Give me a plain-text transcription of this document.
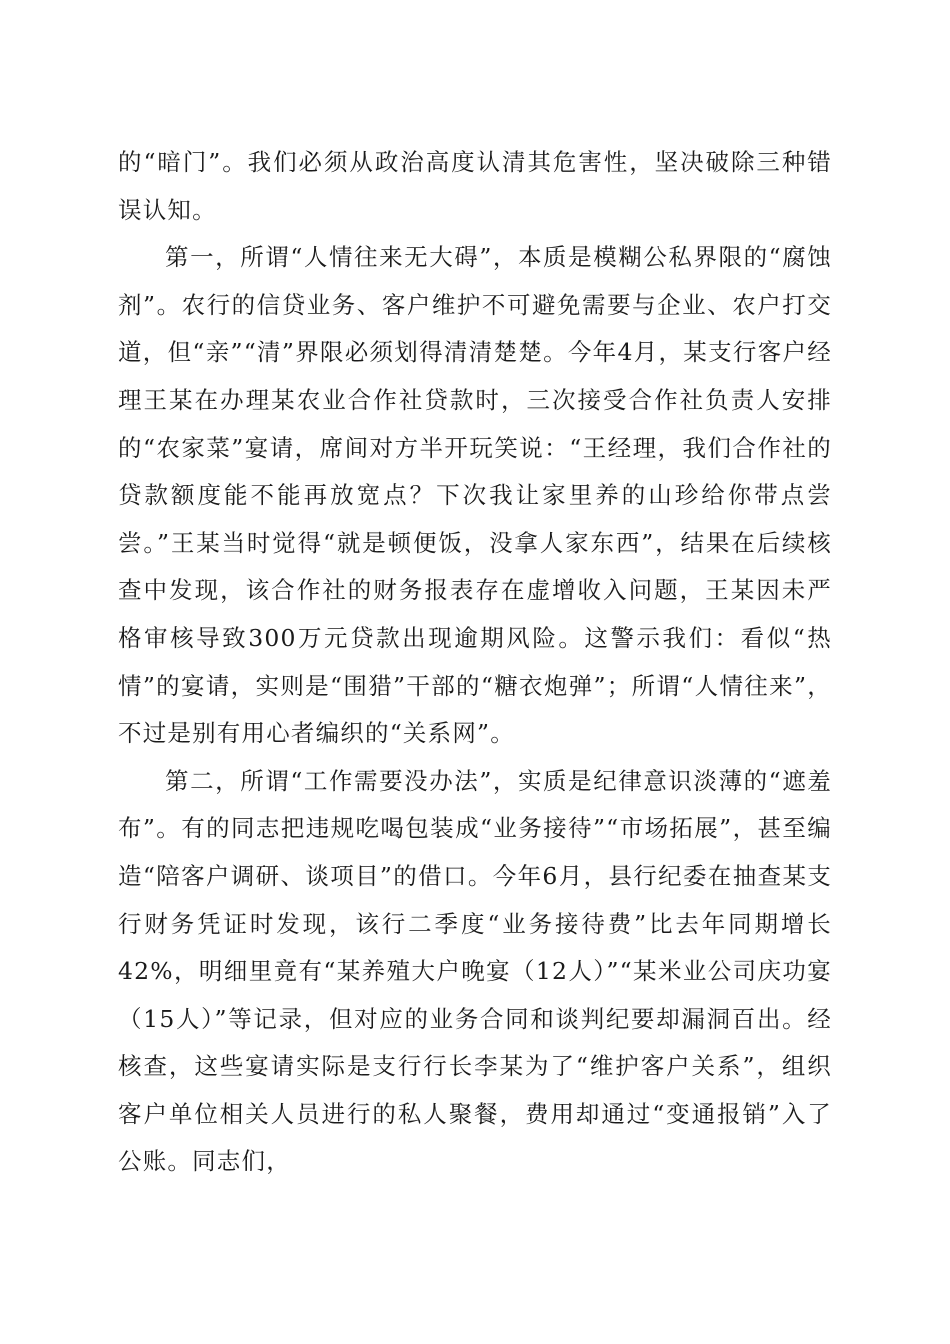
的“暗门”。我们必须从政治高度认清其危害性，坚决破除三种错误认知。

第一，所谓“人情往来无大碍”，本质是模糊公私界限的“腐蚀剂”。农行的信贷业务、客户维护不可避免需要与企业、农户打交道，但“亲”“清”界限必须划得清清楚楚。今年4月，某支行客户经理王某在办理某农业合作社贷款时，三次接受合作社负责人安排的“农家菜”宴请，席间对方半开玩笑说：“王经理，我们合作社的贷款额度能不能再放宽点？下次我让家里养的山珍给你带点尝尝。”王某当时觉得“就是顿便饭，没拿人家东西”，结果在后续核查中发现，该合作社的财务报表存在虚增收入问题，王某因未严格审核导致300万元贷款出现逾期风险。这警示我们：看似“热情”的宴请，实则是“围猎”干部的“糖衣炮弹”；所谓“人情往来”，不过是别有用心者编织的“关系网”。

第二，所谓“工作需要没办法”，实质是纪律意识淡薄的“遮羞布”。有的同志把违规吃喝包装成“业务接待”“市场拓展”，甚至编造“陪客户调研、谈项目”的借口。今年6月，县行纪委在抽查某支行财务凭证时发现，该行二季度“业务接待费”比去年同期增长42%，明细里竟有“某养殖大户晚宴（12人）”“某米业公司庆功宴（15人）”等记录，但对应的业务合同和谈判纪要却漏洞百出。经核查，这些宴请实际是支行行长李某为了“维护客户关系”，组织客户单位相关人员进行的私人聚餐，费用却通过“变通报销”入了公账。同志们，
